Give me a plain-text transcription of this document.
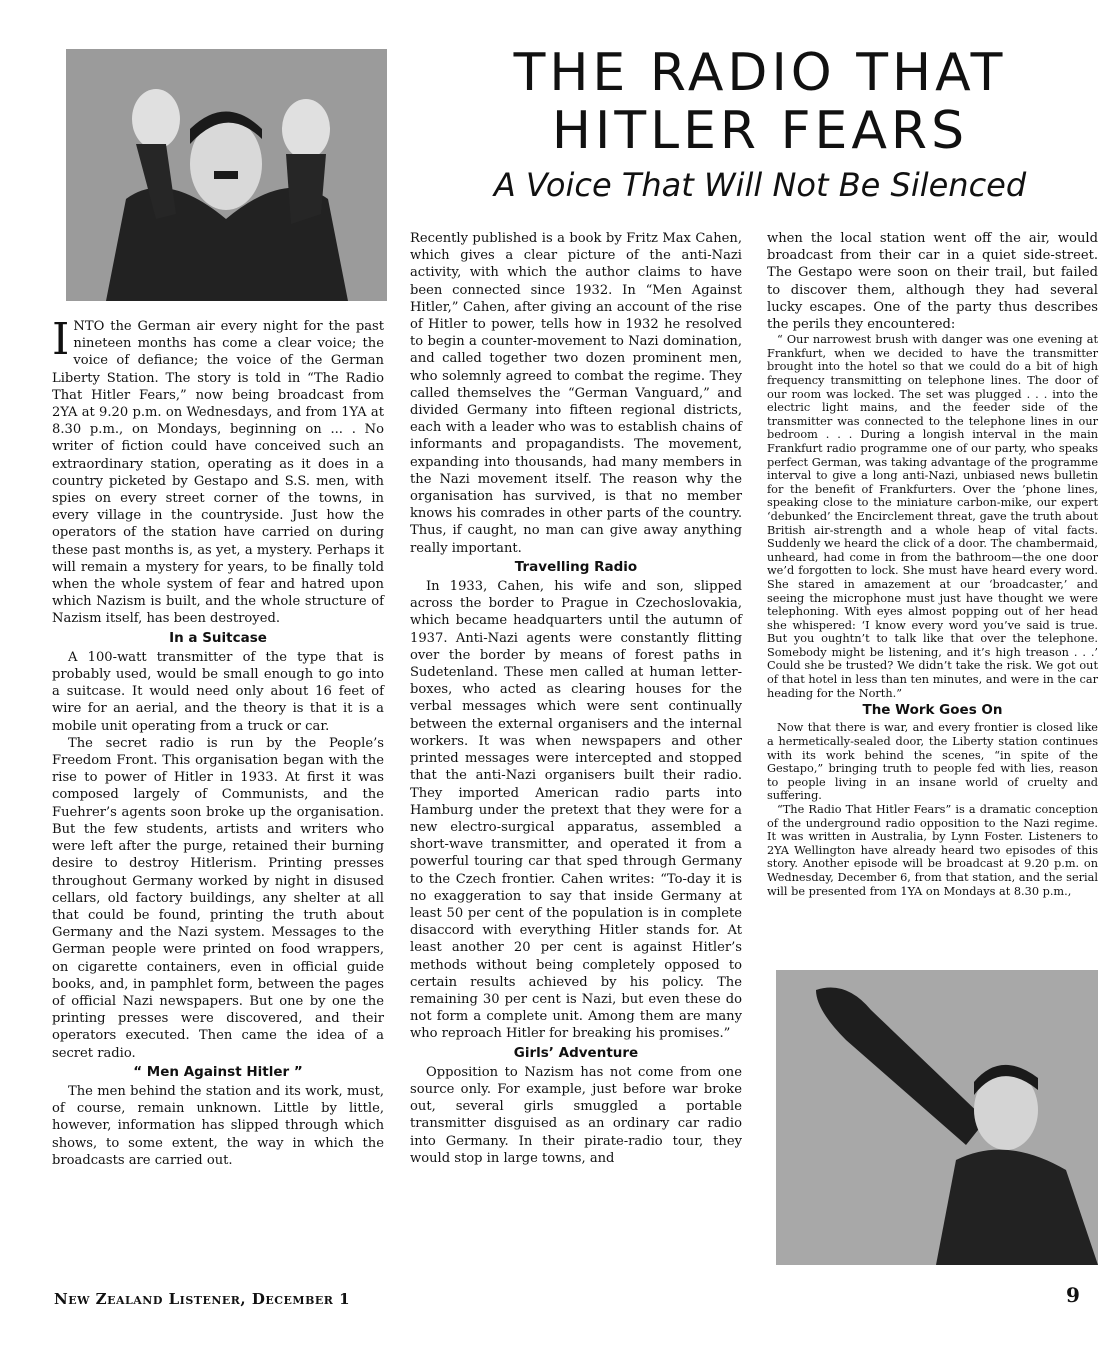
THE RADIO THAT
HITLER FEARS
A Voice That Will Not Be Silenced

INTO the German air every night for the past nineteen months has come a clear voice; the voice of defiance; the voice of the German Liberty Station. The story is told in “The Radio That Hitler Fears,” now being broadcast from 2YA at 9.20 p.m. on Wednesdays, and from 1YA at 8.30 p.m., on Mondays, beginning on ... . No writer of fiction could have conceived such an extraordinary station, operating as it does in a country picketed by Gestapo and S.S. men, with spies on every street corner of the towns, in every village in the countryside. Just how the operators of the station have carried on during these past months is, as yet, a mystery. Perhaps it will remain a mystery for years, to be finally told when the whole system of fear and hatred upon which Nazism is built, and the whole structure of Nazism itself, has been destroyed.

In a Suitcase

A 100-watt transmitter of the type that is probably used, would be small enough to go into a suitcase. It would need only about 16 feet of wire for an aerial, and the theory is that it is a mobile unit operating from a truck or car.

The secret radio is run by the People’s Freedom Front. This organisation began with the rise to power of Hitler in 1933. At first it was composed largely of Communists, and the Fuehrer’s agents soon broke up the organisation. But the few students, artists and writers who were left after the purge, retained their burning desire to destroy Hitlerism. Printing presses throughout Germany worked by night in disused cellars, old factory buildings, any shelter at all that could be found, printing the truth about Germany and the Nazi system. Messages to the German people were printed on food wrappers, on cigarette containers, even in official guide books, and, in pamphlet form, between the pages of official Nazi newspapers. But one by one the printing presses were discovered, and their operators executed. Then came the idea of a secret radio.

“ Men Against Hitler ”

The men behind the station and its work, must, of course, remain unknown. Little by little, however, information has slipped through which shows, to some extent, the way in which the broadcasts are carried out.

Recently published is a book by Fritz Max Cahen, which gives a clear picture of the anti-Nazi activity, with which the author claims to have been connected since 1932. In “Men Against Hitler,” Cahen, after giving an account of the rise of Hitler to power, tells how in 1932 he resolved to begin a counter-movement to Nazi domination, and called together two dozen prominent men, who solemnly agreed to combat the regime. They called themselves the “German Vanguard,” and divided Germany into fifteen regional districts, each with a leader who was to establish chains of informants and propagandists. The movement, expanding into thousands, had many members in the Nazi movement itself. The reason why the organisation has survived, is that no member knows his comrades in other parts of the country. Thus, if caught, no man can give away anything really important.

Travelling Radio

In 1933, Cahen, his wife and son, slipped across the border to Prague in Czechoslovakia, which became headquarters until the autumn of 1937. Anti-Nazi agents were constantly flitting over the border by means of forest paths in Sudetenland. These men called at human letter-boxes, who acted as clearing houses for the verbal messages which were sent continually between the external organisers and the internal workers. It was when newspapers and other printed messages were intercepted and stopped that the anti-Nazi organisers built their radio. They imported American radio parts into Hamburg under the pretext that they were for a new electro-surgical apparatus, assembled a short-wave transmitter, and operated it from a powerful touring car that sped through Germany to the Czech frontier. Cahen writes: “To-day it is no exaggeration to say that inside Germany at least 50 per cent of the population is in complete disaccord with everything Hitler stands for. At least another 20 per cent is against Hitler’s methods without being completely opposed to certain results achieved by his policy. The remaining 30 per cent is Nazi, but even these do not form a complete unit. Among them are many who reproach Hitler for breaking his promises.”

Girls’ Adventure

Opposition to Nazism has not come from one source only. For example, just before war broke out, several girls smuggled a portable transmitter disguised as an ordinary car radio into Germany. In their pirate-radio tour, they would stop in large towns, and

when the local station went off the air, would broadcast from their car in a quiet side-street. The Gestapo were soon on their trail, but failed to discover them, although they had several lucky escapes. One of the party thus describes the perils they encountered:

“ Our narrowest brush with danger was one evening at Frankfurt, when we decided to have the transmitter brought into the hotel so that we could do a bit of high frequency transmitting on telephone lines. The door of our room was locked. The set was plugged . . . into the electric light mains, and the feeder side of the transmitter was connected to the telephone lines in our bedroom . . . During a longish interval in the main Frankfurt radio programme one of our party, who speaks perfect German, was taking advantage of the programme interval to give a long anti-Nazi, unbiased news bulletin for the benefit of Frankfurters. Over the ’phone lines, speaking close to the miniature carbon-mike, our expert ‘debunked’ the Encirclement threat, gave the truth about British air-strength and a whole heap of vital facts. Suddenly we heard the click of a door. The chambermaid, unheard, had come in from the bathroom—the one door we’d forgotten to lock. She must have heard every word. She stared in amazement at our ‘broadcaster,’ and seeing the microphone must just have thought we were telephoning. With eyes almost popping out of her head she whispered: ‘I know every word you’ve said is true. But you oughtn’t to talk like that over the telephone. Somebody might be listening, and it’s high treason . . .’ Could she be trusted? We didn’t take the risk. We got out of that hotel in less than ten minutes, and were in the car heading for the North.”

The Work Goes On

Now that there is war, and every frontier is closed like a hermetically-sealed door, the Liberty station continues with its work behind the scenes, “in spite of the Gestapo,” bringing truth to people fed with lies, reason to people living in an insane world of cruelty and suffering.

“The Radio That Hitler Fears” is a dramatic conception of the underground radio opposition to the Nazi regime. It was written in Australia, by Lynn Foster. Listeners to 2YA Wellington have already heard two episodes of this story. Another episode will be broadcast at 9.20 p.m. on Wednesday, December 6, from that station, and the serial will be presented from 1YA on Mondays at 8.30 p.m.,

New Zealand Listener, December 1	9
